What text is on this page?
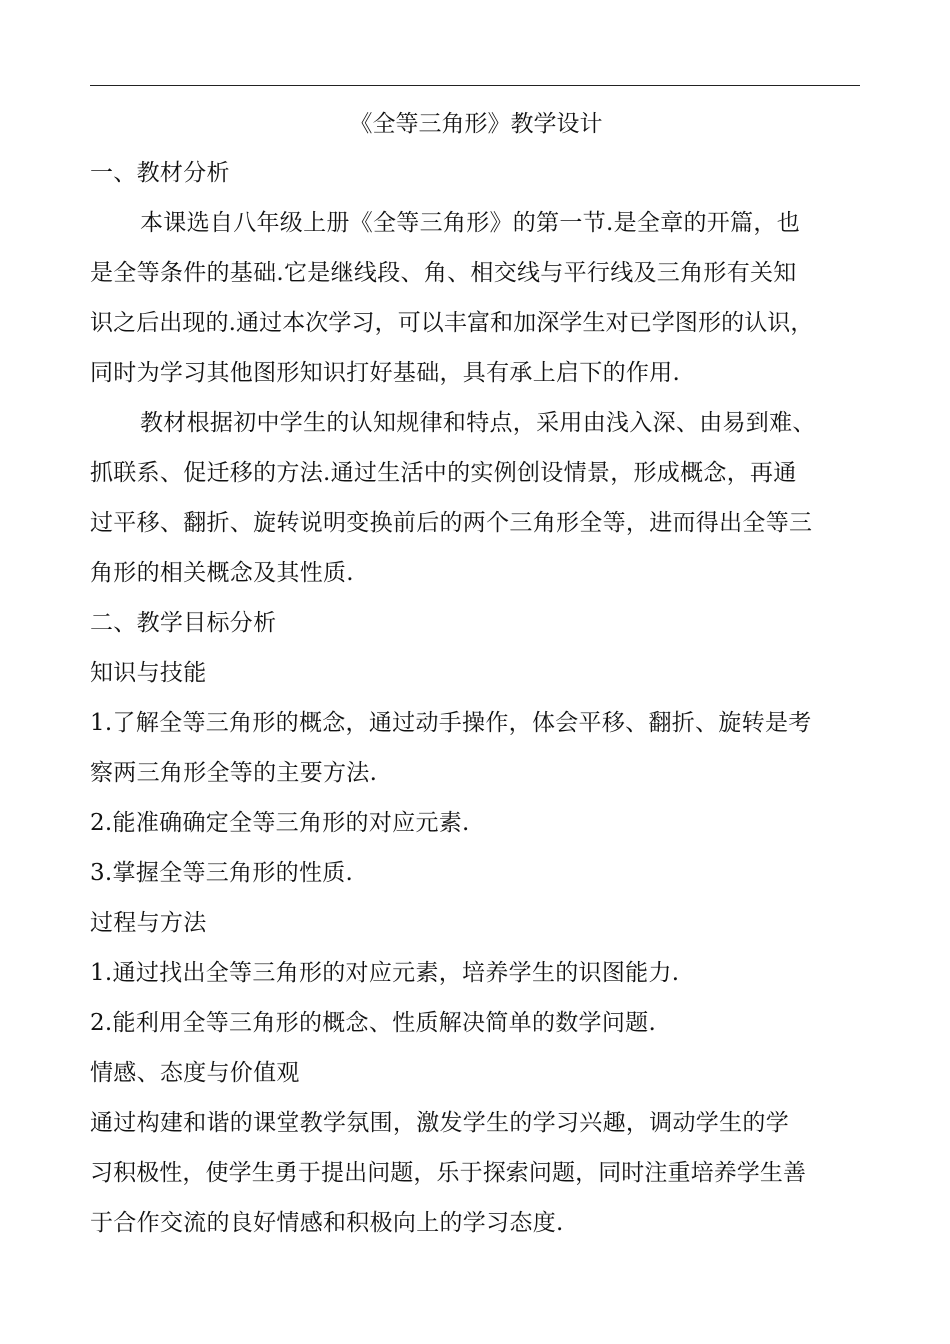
《全等三角形》教学设计

一、教材分析

本课选自八年级上册《全等三角形》的第一节.是全章的开篇，也

是全等条件的基础.它是继线段、角、相交线与平行线及三角形有关知

识之后出现的.通过本次学习，可以丰富和加深学生对已学图形的认识，

同时为学习其他图形知识打好基础，具有承上启下的作用.

教材根据初中学生的认知规律和特点，采用由浅入深、由易到难、

抓联系、促迁移的方法.通过生活中的实例创设情景，形成概念，再通

过平移、翻折、旋转说明变换前后的两个三角形全等，进而得出全等三

角形的相关概念及其性质.

二、教学目标分析

知识与技能

1.了解全等三角形的概念，通过动手操作，体会平移、翻折、旋转是考

察两三角形全等的主要方法.

2.能准确确定全等三角形的对应元素.

3.掌握全等三角形的性质.

过程与方法

1.通过找出全等三角形的对应元素，培养学生的识图能力.

2.能利用全等三角形的概念、性质解决简单的数学问题.

情感、态度与价值观

通过构建和谐的课堂教学氛围，激发学生的学习兴趣，调动学生的学

习积极性，使学生勇于提出问题，乐于探索问题，同时注重培养学生善

于合作交流的良好情感和积极向上的学习态度.
